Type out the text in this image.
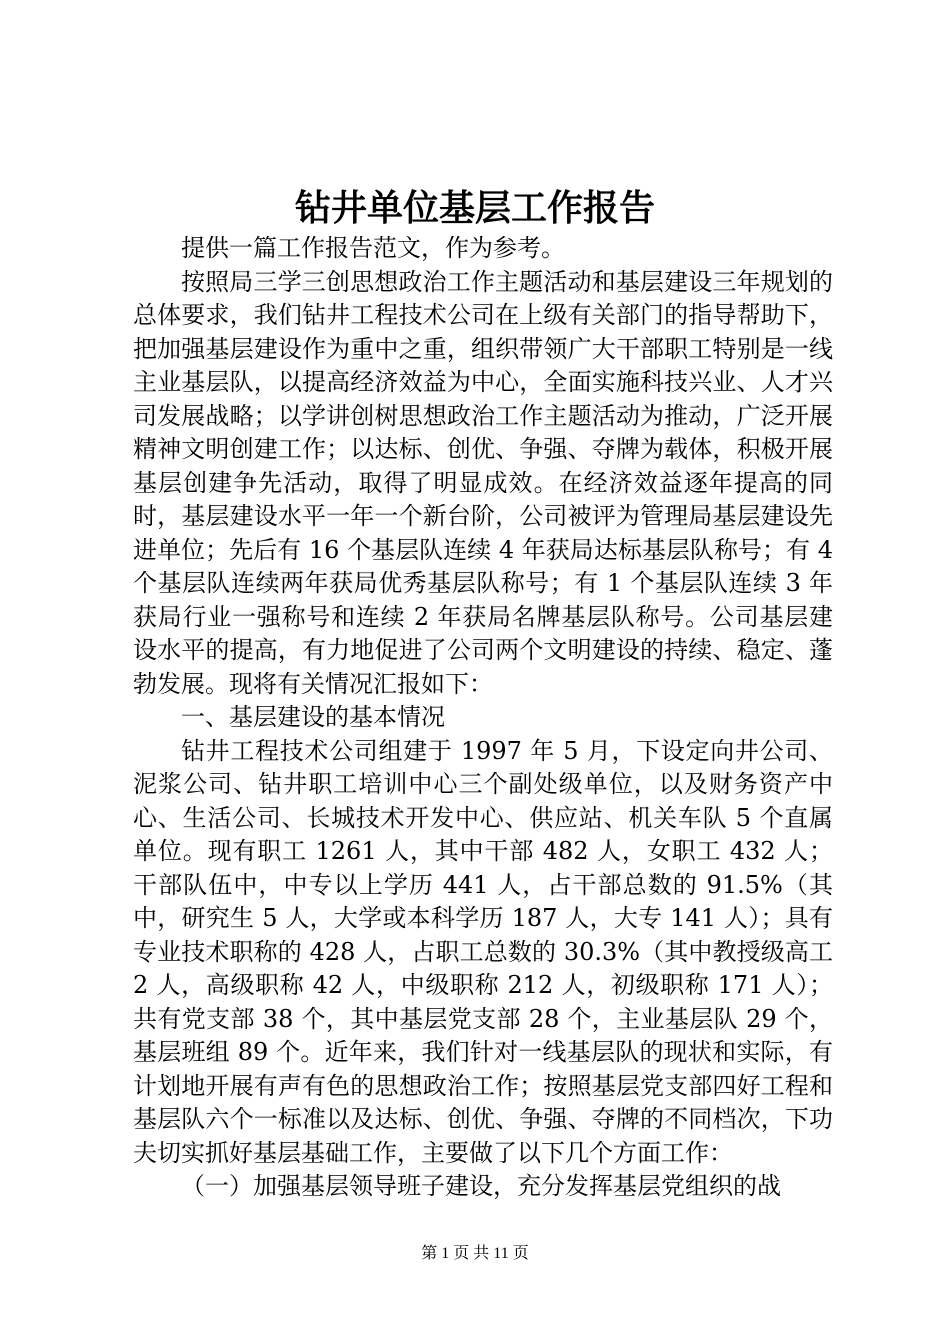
钻井单位基层工作报告

提供一篇工作报告范文，作为参考。

按照局三学三创思想政治工作主题活动和基层建设三年规划的总体要求，我们钻井工程技术公司在上级有关部门的指导帮助下，把加强基层建设作为重中之重，组织带领广大干部职工特别是一线主业基层队，以提高经济效益为中心，全面实施科技兴业、人才兴司发展战略；以学讲创树思想政治工作主题活动为推动，广泛开展精神文明创建工作；以达标、创优、争强、夺牌为载体，积极开展基层创建争先活动，取得了明显成效。在经济效益逐年提高的同时，基层建设水平一年一个新台阶，公司被评为管理局基层建设先进单位；先后有 16 个基层队连续 4 年获局达标基层队称号；有 4 个基层队连续两年获局优秀基层队称号；有 1 个基层队连续 3 年获局行业一强称号和连续 2 年获局名牌基层队称号。公司基层建设水平的提高，有力地促进了公司两个文明建设的持续、稳定、蓬勃发展。现将有关情况汇报如下：

一、基层建设的基本情况

钻井工程技术公司组建于 1997 年 5 月，下设定向井公司、泥浆公司、钻井职工培训中心三个副处级单位，以及财务资产中心、生活公司、长城技术开发中心、供应站、机关车队 5 个直属单位。现有职工 1261 人，其中干部 482 人，女职工 432 人；干部队伍中，中专以上学历 441 人，占干部总数的 91.5%（其中，研究生 5 人，大学或本科学历 187 人，大专 141 人）；具有专业技术职称的 428 人，占职工总数的 30.3%（其中教授级高工 2 人，高级职称 42 人，中级职称 212 人，初级职称 171 人）；共有党支部 38 个，其中基层党支部 28 个，主业基层队 29 个，基层班组 89 个。近年来，我们针对一线基层队的现状和实际，有计划地开展有声有色的思想政治工作；按照基层党支部四好工程和基层队六个一标准以及达标、创优、争强、夺牌的不同档次，下功夫切实抓好基层基础工作，主要做了以下几个方面工作：

（一）加强基层领导班子建设，充分发挥基层党组织的战

第 1 页 共 11 页
